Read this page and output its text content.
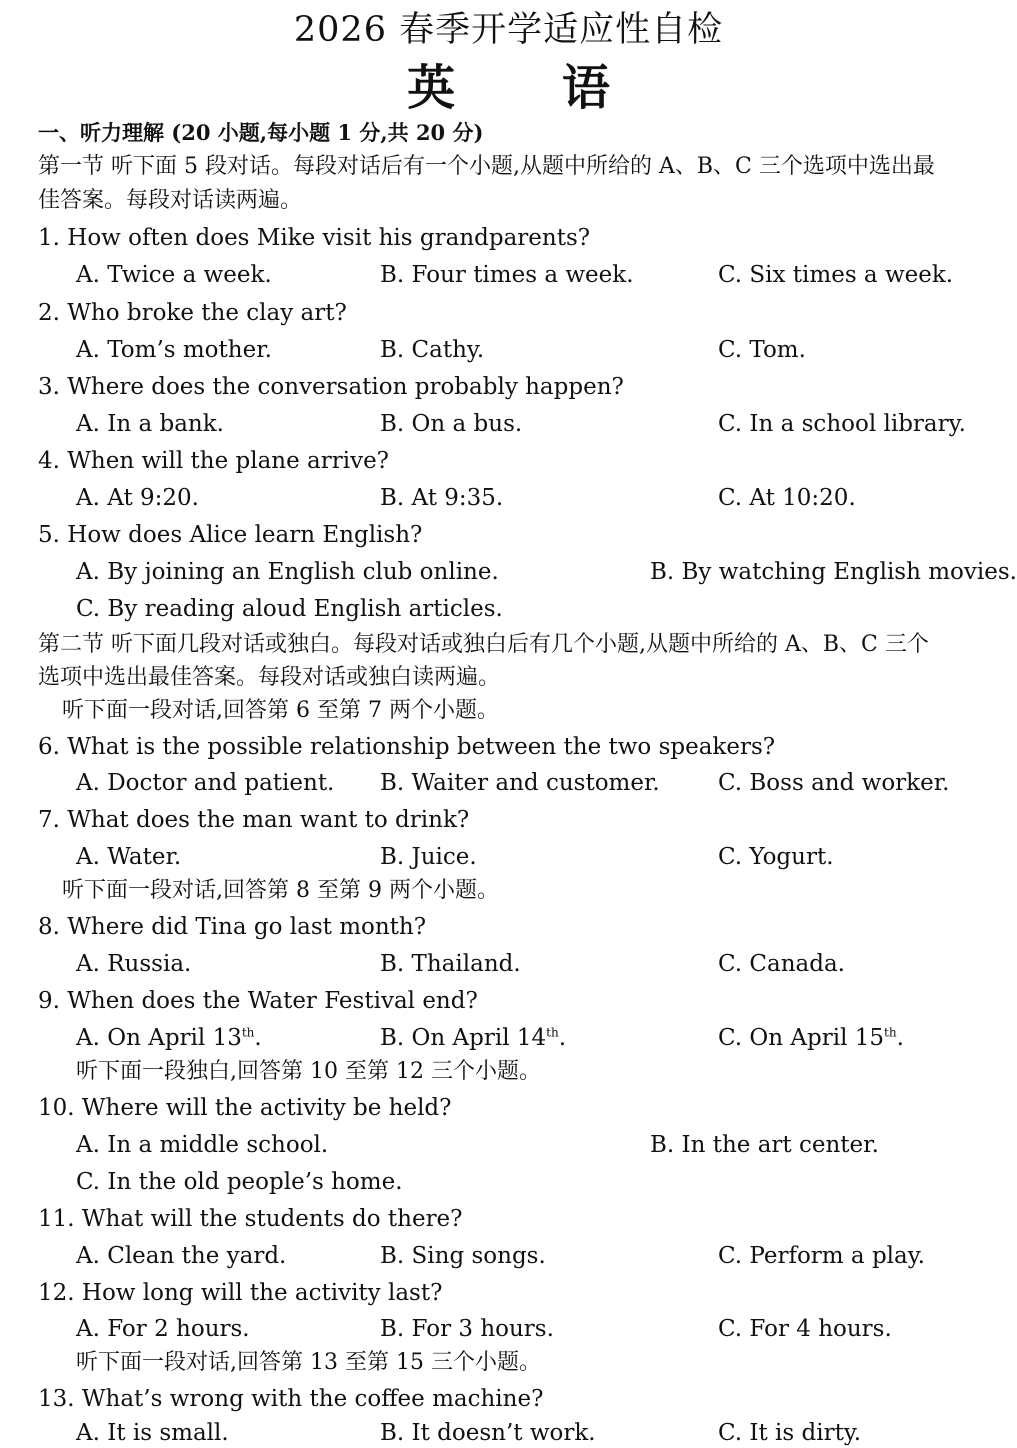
2026 春季开学适应性自检
英 语
一、听力理解 (20 小题,每小题 1 分,共 20 分)
第一节 听下面 5 段对话。每段对话后有一个小题,从题中所给的 A、B、C 三个选项中选出最
佳答案。每段对话读两遍。
1. How often does Mike visit his grandparents?
A. Twice a week.	B. Four times a week.	C. Six times a week.
2. Who broke the clay art?
A. Tom’s mother.	B. Cathy.	C. Tom.
3. Where does the conversation probably happen?
A. In a bank.	B. On a bus.	C. In a school library.
4. When will the plane arrive?
A. At 9:20.	B. At 9:35.	C. At 10:20.
5. How does Alice learn English?
A. By joining an English club online.	B. By watching English movies.
C. By reading aloud English articles.
第二节 听下面几段对话或独白。每段对话或独白后有几个小题,从题中所给的 A、B、C 三个
选项中选出最佳答案。每段对话或独白读两遍。
听下面一段对话,回答第 6 至第 7 两个小题。
6. What is the possible relationship between the two speakers?
A. Doctor and patient. B. Waiter and customer.	C. Boss and worker.
7. What does the man want to drink?
A. Water.	B. Juice.	C. Yogurt.
听下面一段对话,回答第 8 至第 9 两个小题。
8. Where did Tina go last month?
A. Russia.	B. Thailand.	C. Canada.
9. When does the Water Festival end?
A. On April 13th.	B. On April 14th.	C. On April 15th.
听下面一段独白,回答第 10 至第 12 三个小题。
10. Where will the activity be held?
A. In a middle school.	B. In the art center.
C. In the old people’s home.
11. What will the students do there?
A. Clean the yard.	B. Sing songs.	C. Perform a play.
12. How long will the activity last?
A. For 2 hours.	B. For 3 hours.	C. For 4 hours.
听下面一段对话,回答第 13 至第 15 三个小题。
13. What’s wrong with the coffee machine?
A. It is small.	B. It doesn’t work.	C. It is dirty.
